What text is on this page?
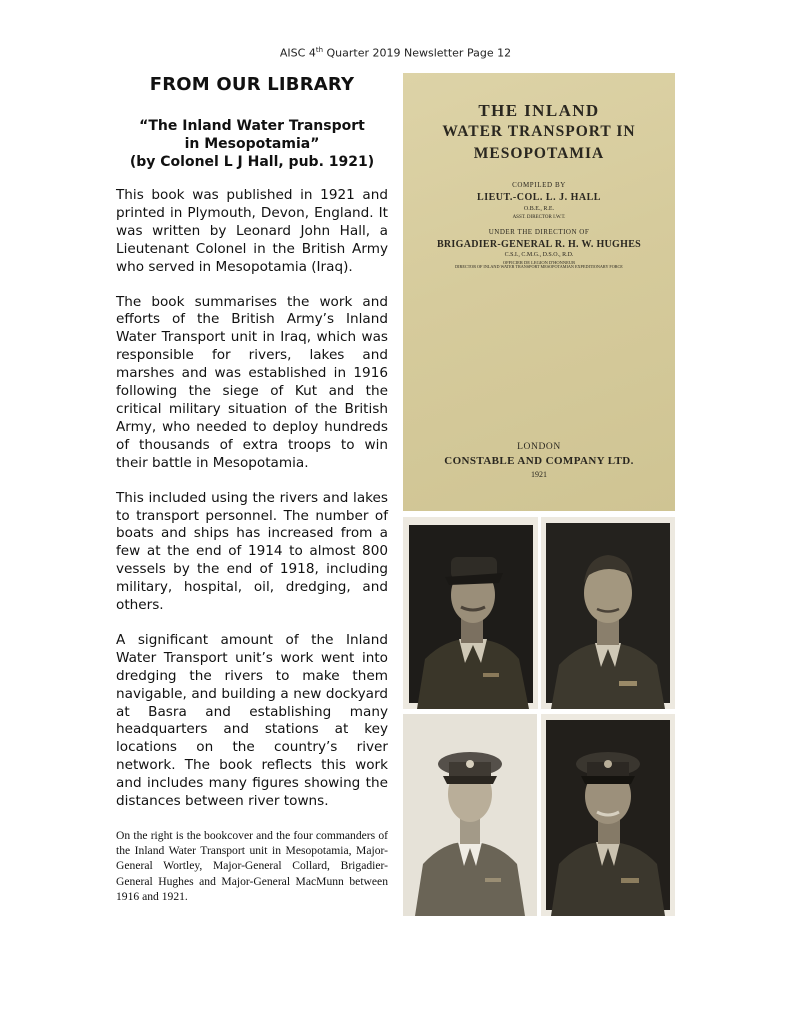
AISC 4th Quarter 2019 Newsletter Page 12
FROM OUR LIBRARY
“The Inland Water Transport
in Mesopotamia”
(by Colonel L J Hall, pub. 1921)

This book was published in 1921 and printed in Plymouth, Devon, England. It was written by Leonard John Hall, a Lieutenant Colonel in the British Army who served in Mesopotamia (Iraq).

The book summarises the work and efforts of the British Army’s Inland Water Transport unit in Iraq, which was responsible for rivers, lakes and marshes and was established in 1916 following the siege of Kut and the critical military situation of the British Army, who needed to deploy hundreds of thousands of extra troops to win their battle in Mesopotamia.

This included using the rivers and lakes to transport personnel. The number of boats and ships has increased from a few at the end of 1914 to almost 800 vessels by the end of 1918, including military, hospital, oil, dredging, and others.

A significant amount of the Inland Water Transport unit’s work went into dredging the rivers to make them navigable, and building a new dockyard at Basra and establishing many headquarters and stations at key locations on the country’s river network. The book reflects this work and includes many figures showing the distances between river towns.

On the right is the bookcover and the four commanders of the Inland Water Transport unit in Mesopotamia, Major-General Wortley, Major-General Collard, Brigadier-General Hughes and Major-General MacMunn between 1916 and 1921.

THE INLAND
WATER TRANSPORT IN
MESOPOTAMIA
COMPILED BY
LIEUT.-COL. L. J. HALL
O.B.E., R.E.
ASST. DIRECTOR I.W.T.
UNDER THE DIRECTION OF
BRIGADIER-GENERAL R. H. W. HUGHES
C.S.I., C.M.G., D.S.O., R.D.
OFFICIER DE LEGION D'HONNEUR
DIRECTOR OF INLAND WATER TRANSPORT MESOPOTAMIAN EXPEDITIONARY FORCE
LONDON
CONSTABLE AND COMPANY LTD.
1921
